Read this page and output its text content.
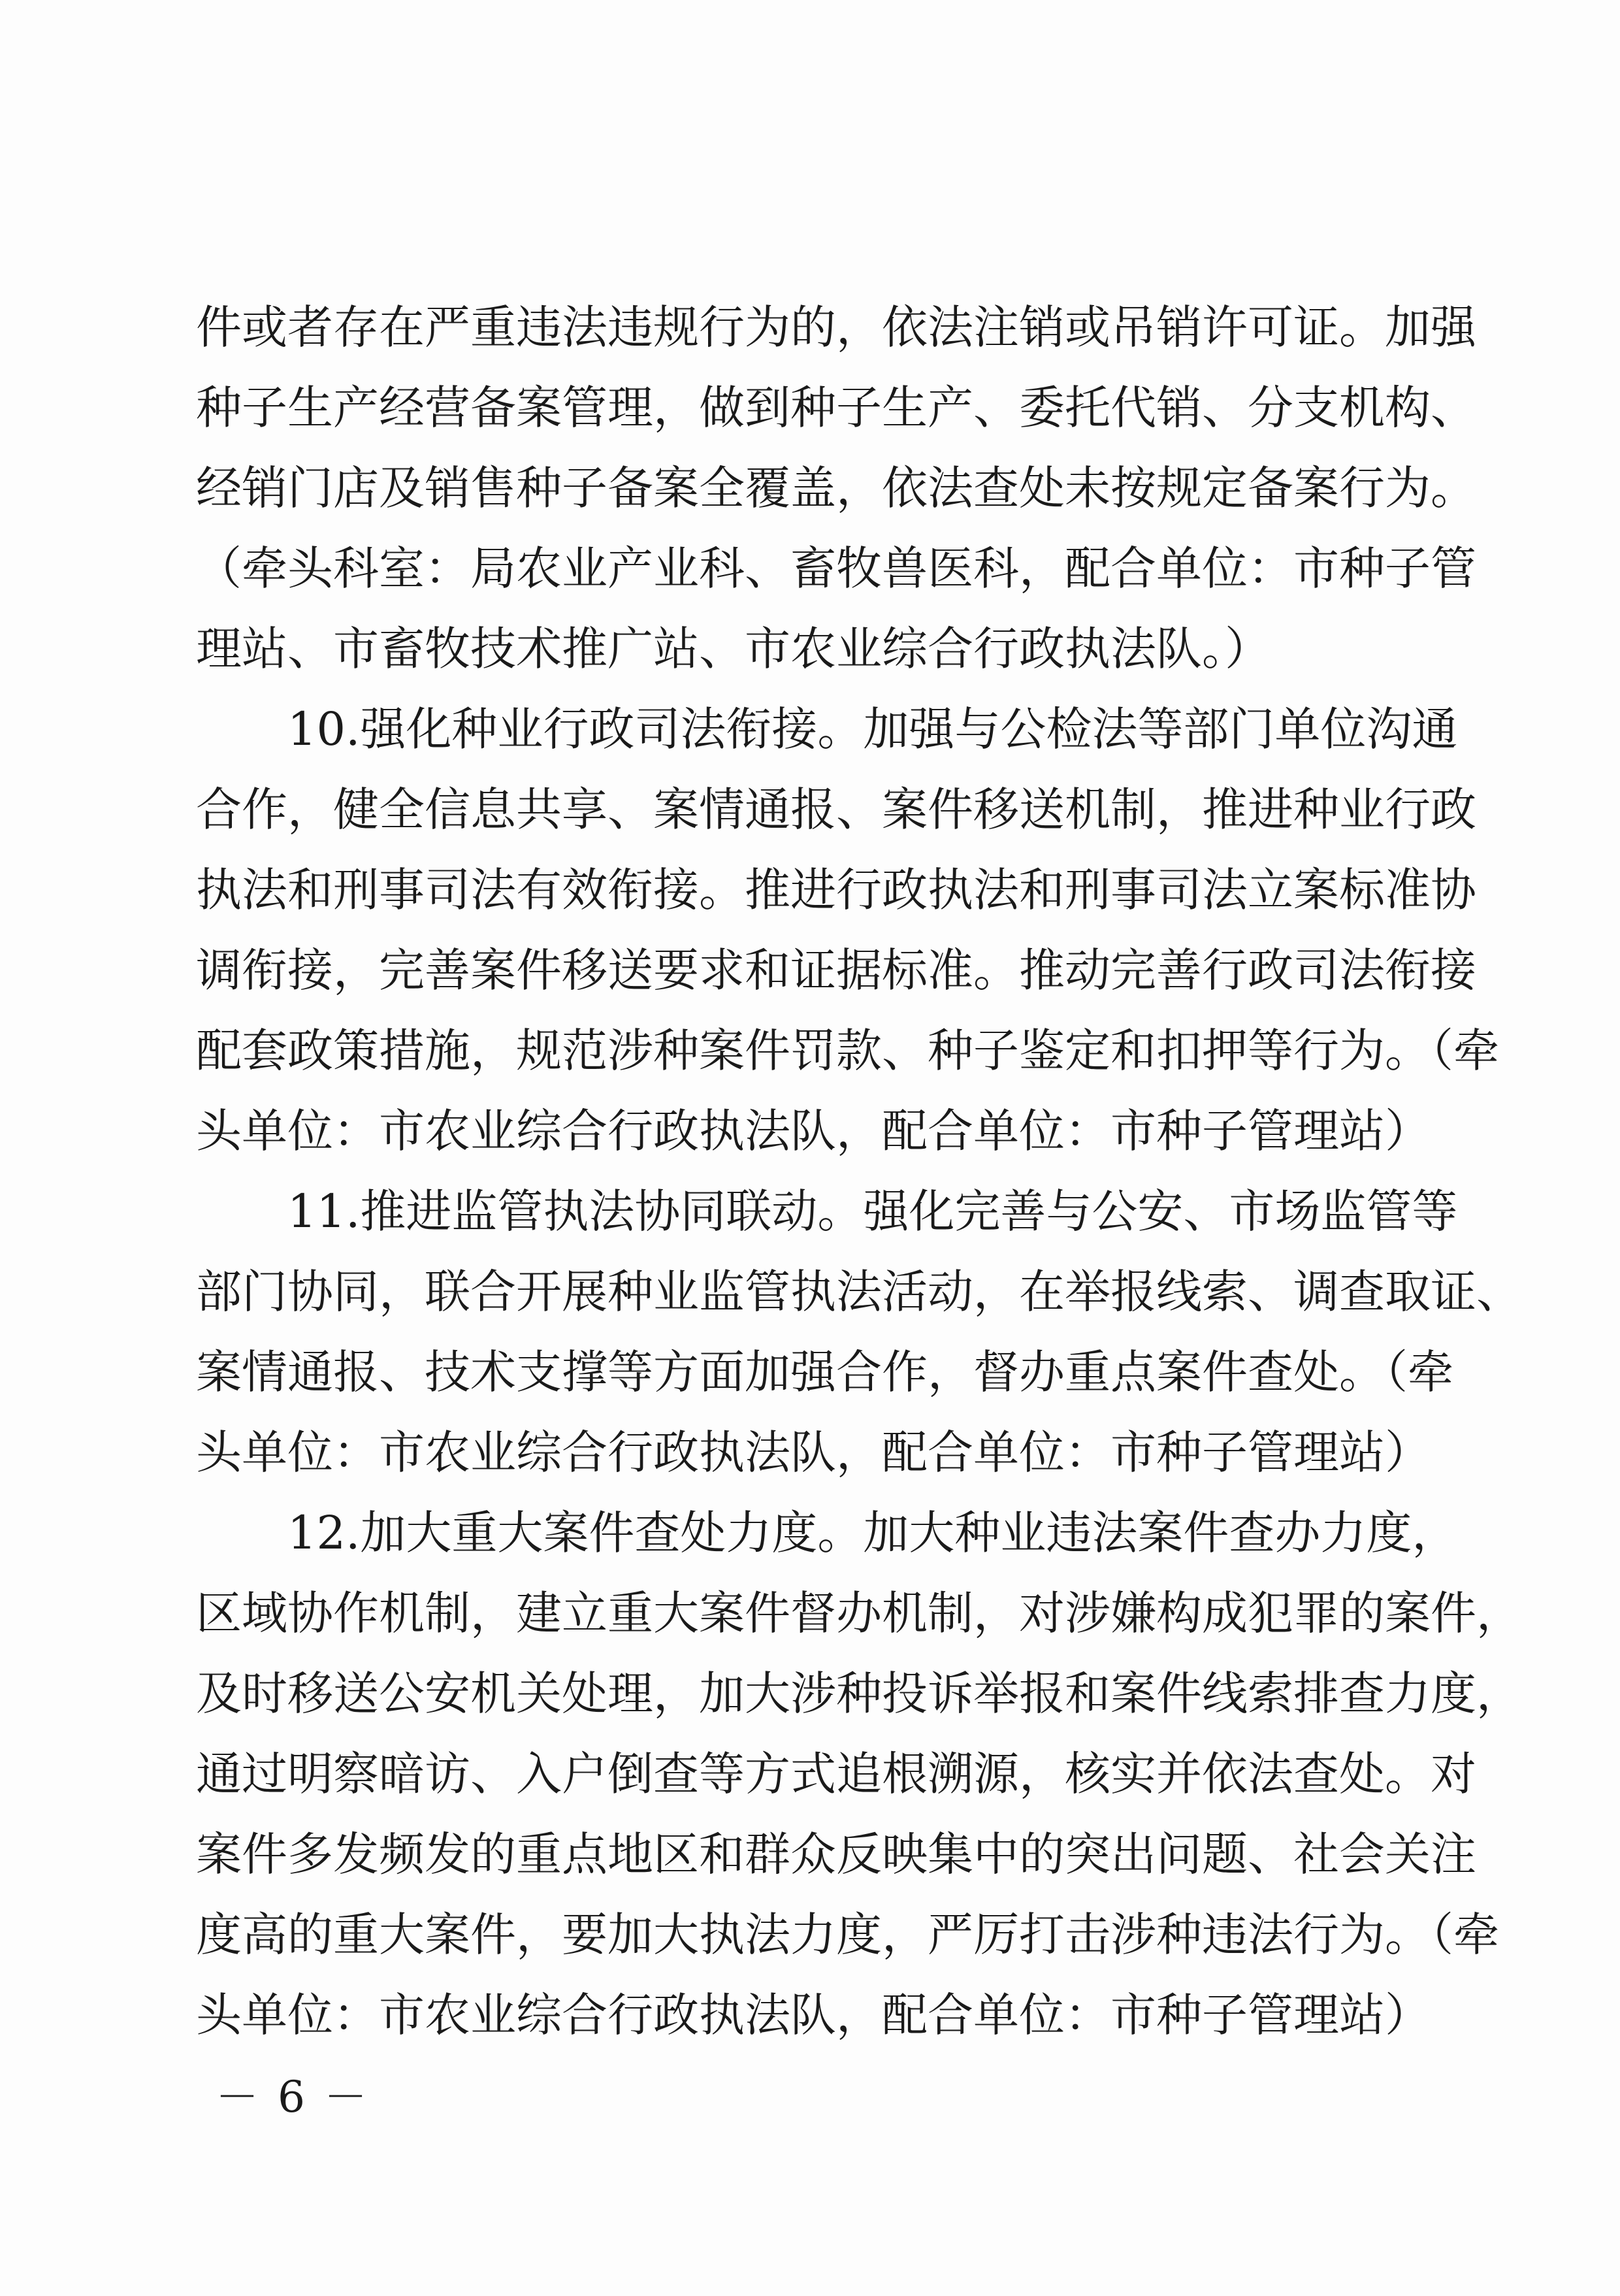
件或者存在严重违法违规行为的，依法注销或吊销许可证。加强
种子生产经营备案管理，做到种子生产、委托代销、分支机构、
经销门店及销售种子备案全覆盖，依法查处未按规定备案行为。
（牵头科室：局农业产业科、畜牧兽医科，配合单位：市种子管
理站、市畜牧技术推广站、市农业综合行政执法队。）
10.强化种业行政司法衔接。加强与公检法等部门单位沟通
合作，健全信息共享、案情通报、案件移送机制，推进种业行政
执法和刑事司法有效衔接。推进行政执法和刑事司法立案标准协
调衔接，完善案件移送要求和证据标准。推动完善行政司法衔接
配套政策措施，规范涉种案件罚款、种子鉴定和扣押等行为。（牵
头单位：市农业综合行政执法队，配合单位：市种子管理站）
11.推进监管执法协同联动。强化完善与公安、市场监管等
部门协同，联合开展种业监管执法活动，在举报线索、调查取证、
案情通报、技术支撑等方面加强合作，督办重点案件查处。（牵
头单位：市农业综合行政执法队，配合单位：市种子管理站）
12.加大重大案件查处力度。加大种业违法案件查办力度，
区域协作机制，建立重大案件督办机制，对涉嫌构成犯罪的案件，
及时移送公安机关处理，加大涉种投诉举报和案件线索排查力度，
通过明察暗访、入户倒查等方式追根溯源，核实并依法查处。对
案件多发频发的重点地区和群众反映集中的突出问题、社会关注
度高的重大案件，要加大执法力度，严厉打击涉种违法行为。（牵
头单位：市农业综合行政执法队，配合单位：市种子管理站）
－ 6 －
